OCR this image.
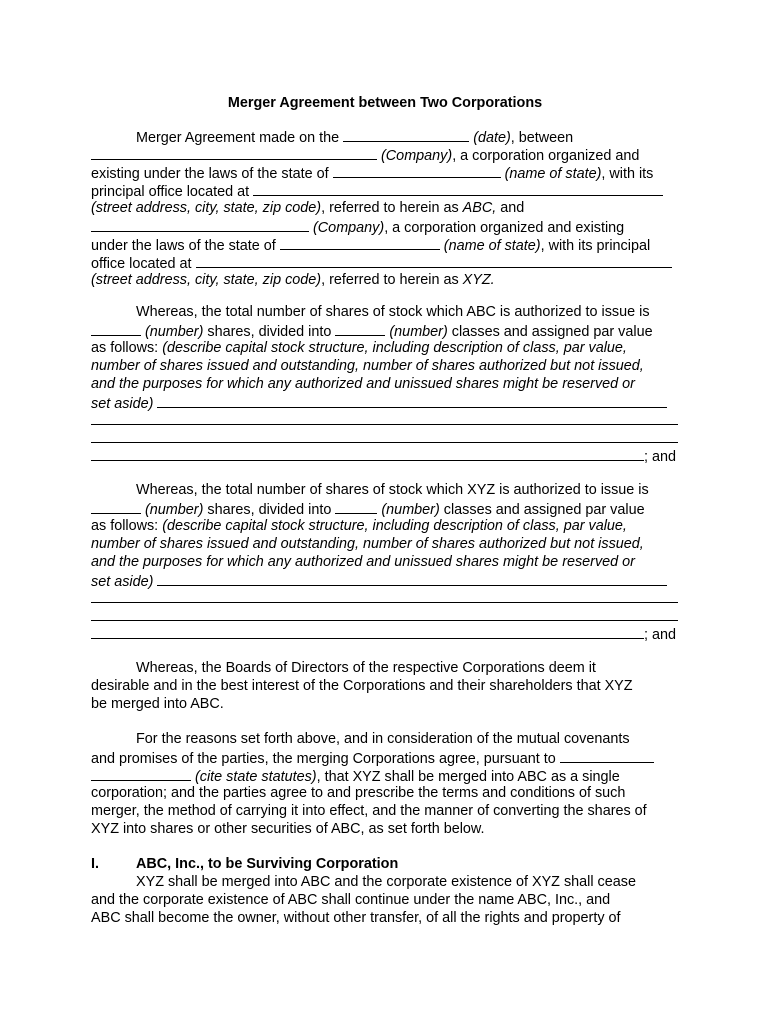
Merger Agreement between Two Corporations
Merger Agreement made on the	(date), between
(Company), a corporation organized and
existing under the laws of the state of	(name of state), with its
principal office located at
(street address, city, state, zip code), referred to herein as ABC, and
(Company), a corporation organized and existing
under the laws of the state of	(name of state), with its principal
office located at
(street address, city, state, zip code), referred to herein as XYZ.
Whereas, the total number of shares of stock which ABC is authorized to issue is
(number) shares, divided into	(number) classes and assigned par value
as follows: (describe capital stock structure, including description of class, par value,
number of shares issued and outstanding, number of shares authorized but not issued,
and the purposes for which any authorized and unissued shares might be reserved or
set aside)
; and
Whereas, the total number of shares of stock which XYZ is authorized to issue is
(number) shares, divided into	(number) classes and assigned par value
as follows: (describe capital stock structure, including description of class, par value,
number of shares issued and outstanding, number of shares authorized but not issued,
and the purposes for which any authorized and unissued shares might be reserved or
set aside)
; and
Whereas, the Boards of Directors of the respective Corporations deem it
desirable and in the best interest of the Corporations and their shareholders that XYZ
be merged into ABC.
For the reasons set forth above, and in consideration of the mutual covenants
and promises of the parties, the merging Corporations agree, pursuant to
(cite state statutes), that XYZ shall be merged into ABC as a single
corporation; and the parties agree to and prescribe the terms and conditions of such
merger, the method of carrying it into effect, and the manner of converting the shares of
XYZ into shares or other securities of ABC, as set forth below.
I.	ABC, Inc., to be Surviving Corporation
XYZ shall be merged into ABC and the corporate existence of XYZ shall cease
and the corporate existence of ABC shall continue under the name ABC, Inc., and
ABC shall become the owner, without other transfer, of all the rights and property of
